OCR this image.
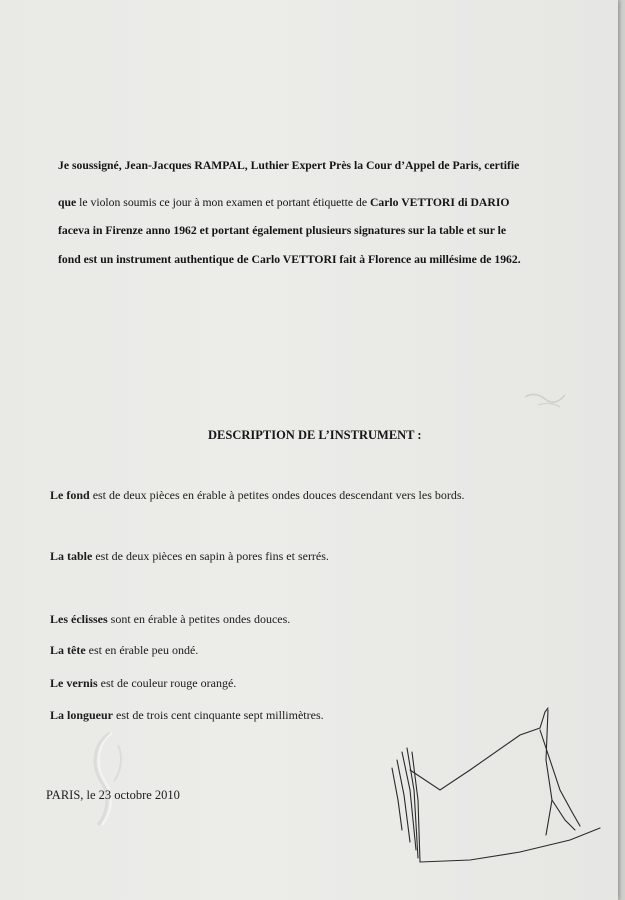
Je soussigné, Jean-Jacques RAMPAL, Luthier Expert Près la Cour d’Appel de Paris, certifie
que le violon soumis ce jour à mon examen et portant étiquette de Carlo VETTORI di DARIO
faceva in Firenze anno 1962 et portant également plusieurs signatures sur la table et sur le
fond est un instrument authentique de Carlo VETTORI fait à Florence au millésime de 1962.
DESCRIPTION DE L’INSTRUMENT :
Le fond est de deux pièces en érable à petites ondes douces descendant vers les bords.
La table est de deux pièces en sapin à pores fins et serrés.
Les éclisses sont en érable à petites ondes douces.
La tête est en érable peu ondé.
Le vernis est de couleur rouge orangé.
La longueur est de trois cent cinquante sept millimètres.
PARIS, le 23 octobre 2010
